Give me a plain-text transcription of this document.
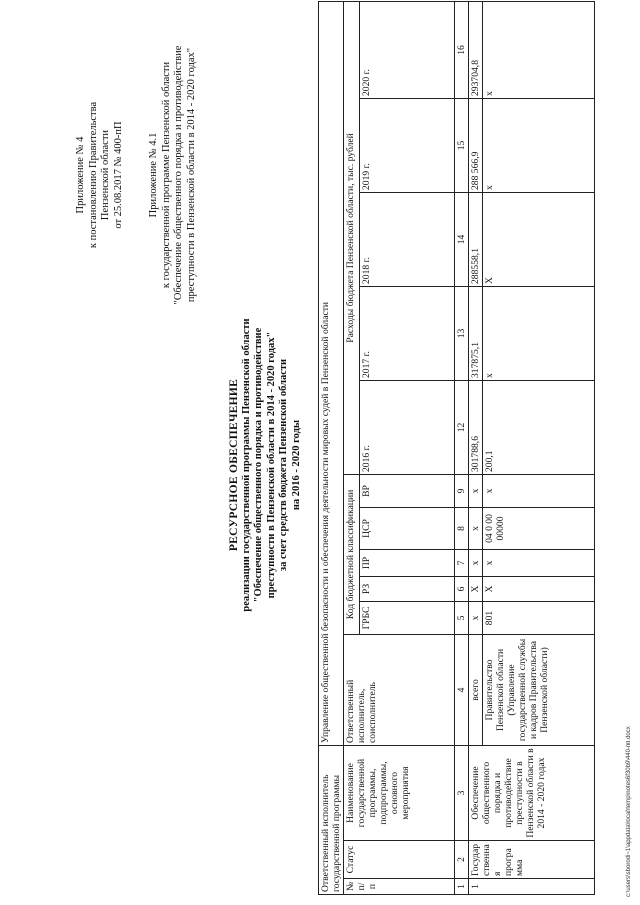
Приложение № 4 к постановлению Правительства Пензенской области от 25.08.2017 № 400-пП Приложение № 4.1 к государственной программе Пензенской области "Обеспечение общественного порядка и противодействие преступности в Пензенской области в 2014 - 2020 годах"
РЕСУРСНОЕ ОБЕСПЕЧЕНИЕ реализации государственной программы Пензенской области "Обеспечение общественного порядка и противодействие преступности в Пензенской области в 2014 - 2020 годах" за счет средств бюджета Пензенской области на 2016 - 2020 годы
Ответственный исполнитель государственной программы			Управление общественной безопасности и обеспечения деятельности мировых судей в Пензенской области										
№ п/п	Статус	Наименование государственной программы, подпрограммы, основного мероприятия	Ответственный исполнитель, соисполнитель	Код бюджетной классификации					Расходы бюджета Пензенской области, тыс. рублей				
				ГРБС	РЗ	ПР	ЦСР	ВР	2016 г.	2017 г.	2018 г.	2019 г.	2020 г.
1	2	3	4	5	6	7	8	9	12	13	14	15	16
1	Государственная программа	Обеспечение общественного порядка и противодействие преступности в Пензенской области в 2014 - 2020 годах	всего	x	X	x	x	x	301788,6	317875,1	288558,1	288 566,9	293704,8
			Правительство Пензенской области (Управление государственной службы и кадров Правительства Пензенской области)	801	X	x	04 0 00 00000	x	200,1	x	X	x	x
c:\users\sborodi~1\appdata\local\temp\notes6f30b9\440-пп.docx
